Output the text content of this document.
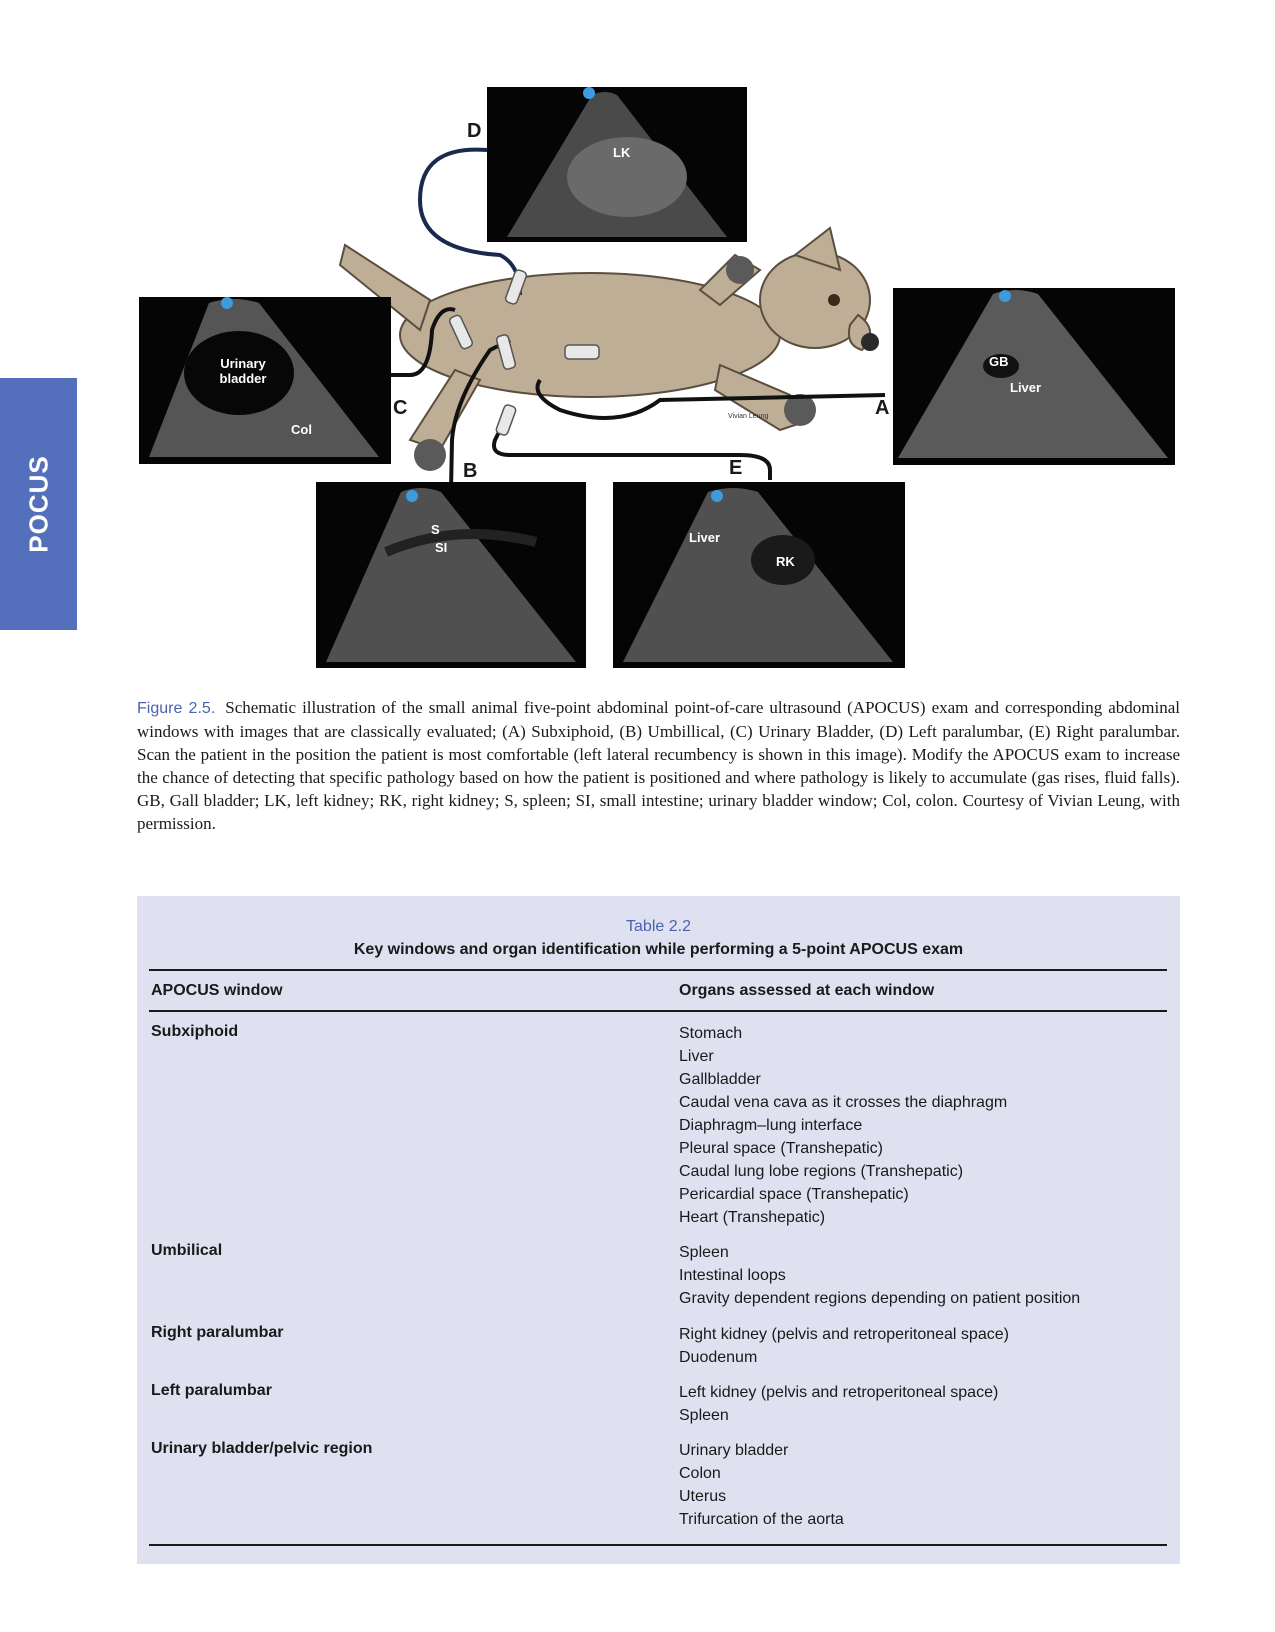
POCUS
D
C	A
B	E
Vivian Leung
LK
Urinary bladder
Col
GB
Liver
S
SI
Liver
RK
Figure 2.5. Schematic illustration of the small animal five-point abdominal point-of-care ultrasound (APOCUS) exam and corresponding abdominal windows with images that are classically evaluated; (A) Subxiphoid, (B) Umbillical, (C) Urinary Bladder, (D) Left paralumbar, (E) Right paralumbar. Scan the patient in the position the patient is most comfortable (left lateral recumbency is shown in this image). Modify the APOCUS exam to increase the chance of detecting that specific pathology based on how the patient is positioned and where pathology is likely to accumulate (gas rises, fluid falls). GB, Gall bladder; LK, left kidney; RK, right kidney; S, spleen; SI, small intestine; urinary bladder window; Col, colon. Courtesy of Vivian Leung, with permission.
Table 2.2
Key windows and organ identification while performing a 5-point APOCUS exam
APOCUS window	Organs assessed at each window
Subxiphoid	Stomach
Liver
Gallbladder
Caudal vena cava as it crosses the diaphragm
Diaphragm–lung interface
Pleural space (Transhepatic)
Caudal lung lobe regions (Transhepatic)
Pericardial space (Transhepatic)
Heart (Transhepatic)
Umbilical	Spleen
Intestinal loops
Gravity dependent regions depending on patient position
Right paralumbar	Right kidney (pelvis and retroperitoneal space)
Duodenum
Left paralumbar	Left kidney (pelvis and retroperitoneal space)
Spleen
Urinary bladder/pelvic region	Urinary bladder
Colon
Uterus
Trifurcation of the aorta
